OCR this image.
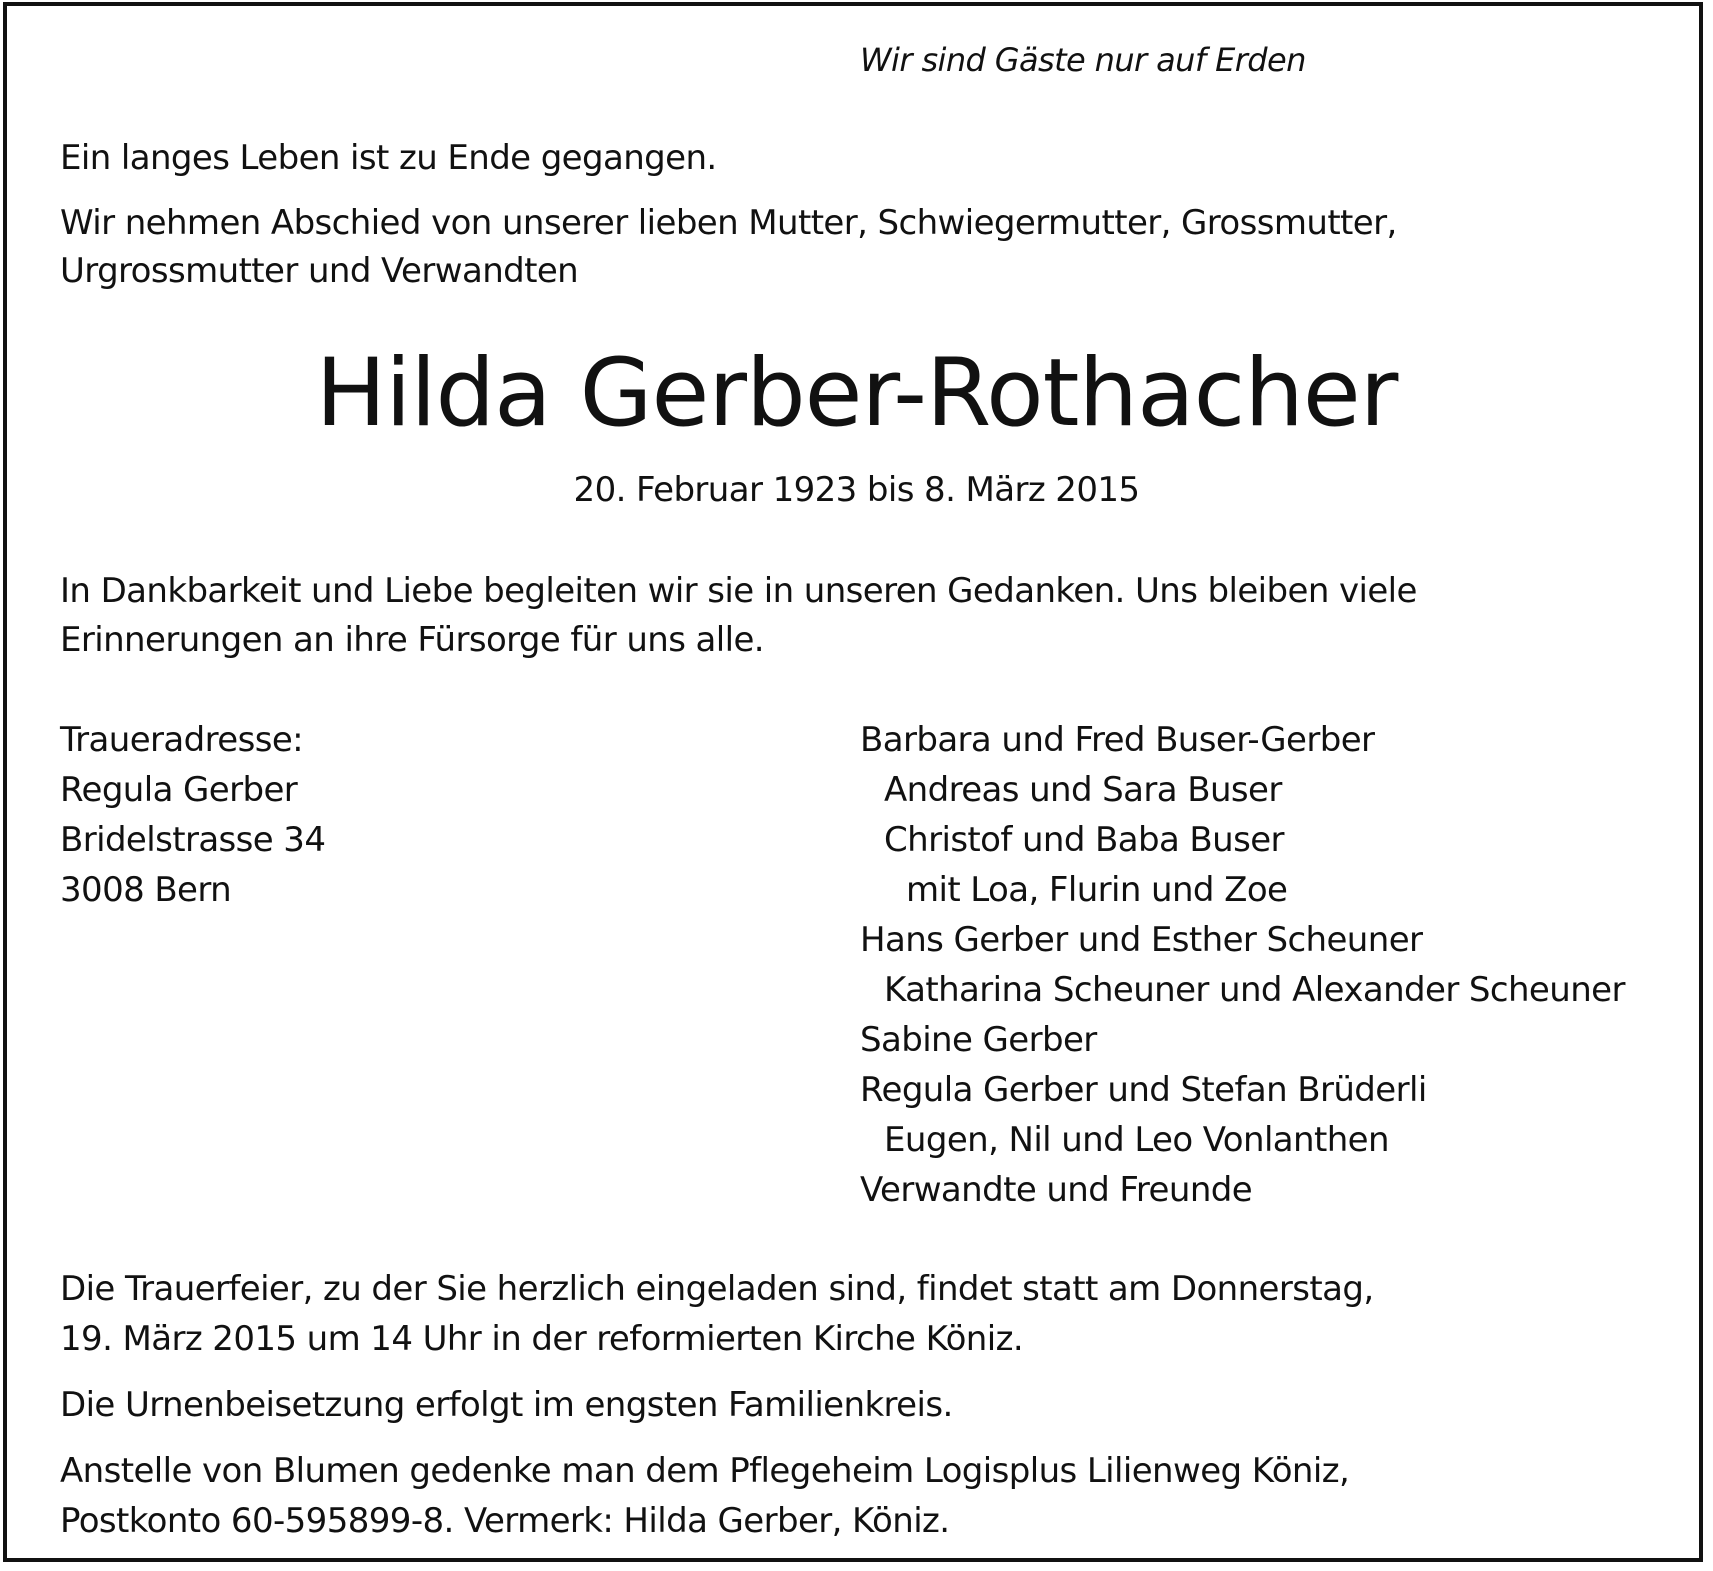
Wir sind Gäste nur auf Erden
Ein langes Leben ist zu Ende gegangen.
Wir nehmen Abschied von unserer lieben Mutter, Schwiegermutter, Grossmutter,
Urgrossmutter und Verwandten
Hilda Gerber-Rothacher
20. Februar 1923 bis 8. März 2015
In Dankbarkeit und Liebe begleiten wir sie in unseren Gedanken. Uns bleiben viele
Erinnerungen an ihre Fürsorge für uns alle.
Traueradresse:
Regula Gerber
Bridelstrasse 34
3008 Bern
Barbara und Fred Buser-Gerber
Andreas und Sara Buser
Christof und Baba Buser
mit Loa, Flurin und Zoe
Hans Gerber und Esther Scheuner
Katharina Scheuner und Alexander Scheuner
Sabine Gerber
Regula Gerber und Stefan Brüderli
Eugen, Nil und Leo Vonlanthen
Verwandte und Freunde
Die Trauerfeier, zu der Sie herzlich eingeladen sind, findet statt am Donnerstag,
19. März 2015 um 14 Uhr in der reformierten Kirche Köniz.
Die Urnenbeisetzung erfolgt im engsten Familienkreis.
Anstelle von Blumen gedenke man dem Pflegeheim Logisplus Lilienweg Köniz,
Postkonto 60-595899-8. Vermerk: Hilda Gerber, Köniz.
